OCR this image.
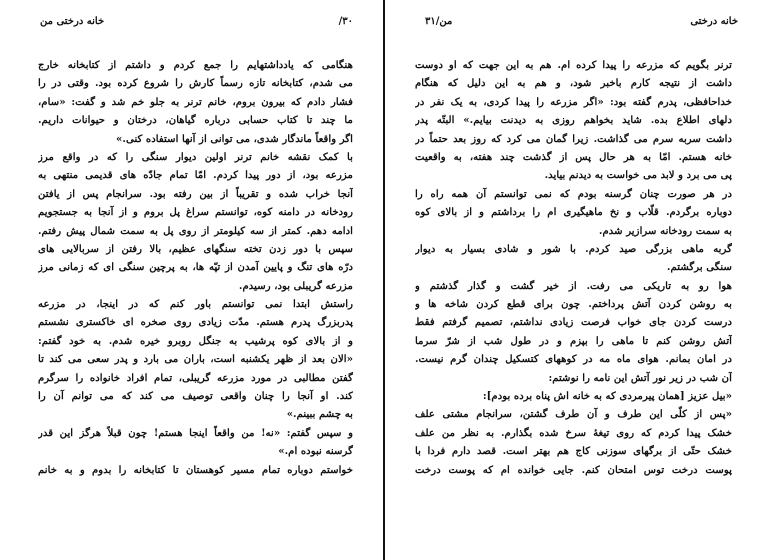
۳۰/
خانه درختی من
هنگامی که یادداشتهایم را جمع کردم و داشتم از کتابخانه خارج
می شدم، کتابخانه تازه رسماً کارش را شروع کرده بود. وقتی در را
فشار دادم که بیرون بروم، خانم ترنر به جلو خم شد و گفت: «سام،
ما چند تا کتاب حسابی درباره گیاهان، درختان و حیوانات داریم.
اگر واقعاً ماندگار شدی، می توانی از آنها استفاده کنی.»
با کمک نقشه خانم ترنر اولین دیوار سنگی را که در واقع مرز
مزرعه بود، از دور پیدا کردم. امّا تمام جادّه های قدیمی منتهی به
آنجا خراب شده و تقریباً از بین رفته بود. سرانجام پس از یافتن
رودخانه در دامنه کوه، توانستم سراغ پل بروم و از آنجا به جستجویم
ادامه دهم. کمتر از سه کیلومتر از روی پل به سمت شمال پیش رفتم.
سپس با دور زدن تخته سنگهای عظیم، بالا رفتن از سربالایی های
درّه های تنگ و پایین آمدن از تپّه ها، به پرچین سنگی ای که زمانی مرز
مزرعه گریبلی بود، رسیدم.
راستش ابتدا نمی توانستم باور کنم که در اینجا، در مزرعه
پدربزرگ پدرم هستم. مدّت زیادی روی صخره ای خاکستری نشستم
و از بالای کوه پرشیب به جنگل روبرو خیره شدم. به خود گفتم:
«الان بعد از ظهر یکشنبه است، باران می بارد و پدر سعی می کند تا
گفتن مطالبی در مورد مزرعه گریبلی، تمام افراد خانواده را سرگرم
کند. او آنجا را چنان واقعی توصیف می کند که می توانم آن را
به چشم ببینم.»
و سپس گفتم: «نه! من واقعاً اینجا هستم! چون قبلاً هرگز این قدر
گرسنه نبوده ام.»
خواستم دوباره تمام مسیر کوهستان تا کتابخانه را بدوم و به خانم
من/۳۱	خانه درختی
ترنر بگویم که مزرعه را پیدا کرده ام. هم به این جهت که او دوست
داشت از نتیجه کارم باخبر شود، و هم به این دلیل که هنگام
خداحافظی، پدرم گفته بود: «اگر مزرعه را پیدا کردی، به یک نفر در
دلهای اطلاع بده. شاید بخواهم روزی به دیدنت بیایم.» البتّه پدر
داشت سربه سرم می گذاشت. زیرا گمان می کرد که روز بعد حتماً در
خانه هستم. امّا به هر حال پس از گذشت چند هفته، به واقعیت
پی می برد و لابد می خواست به دیدنم بیاید.
در هر صورت چنان گرسنه بودم که نمی توانستم آن همه راه را
دوباره برگردم. قلّاب و نخ ماهیگیری ام را برداشتم و از بالای کوه
به سمت رودخانه سرازیر شدم.
گربه ماهی بزرگی صید کردم. با شور و شادی بسیار به دیوار
سنگی برگشتم.
هوا رو به تاریکی می رفت. از خیر گشت و گذار گذشتم و
به روشن کردن آتش پرداختم. چون برای قطع کردن شاخه ها و
درست کردن جای خواب فرصت زیادی نداشتم، تصمیم گرفتم فقط
آتش روشن کنم تا ماهی را بپزم و در طول شب از شرّ سرما
در امان بمانم. هوای ماه مه در کوههای کتسکیل چندان گرم نیست.
آن شب در زیر نور آتش این نامه را نوشتم:
«بیل عزیز [همان پیرمردی که به خانه اش پناه برده بودم]:
«پس از کلّی این طرف و آن طرف گشتن، سرانجام مشتی علف
خشک پیدا کردم که روی تیغهٔ سرخ شده بگذارم. به نظر من علف
خشک حتّی از برگهای سوزنی کاج هم بهتر است. قصد دارم فردا با
پوست درخت توس امتحان کنم. جایی خوانده ام که پوست درخت
